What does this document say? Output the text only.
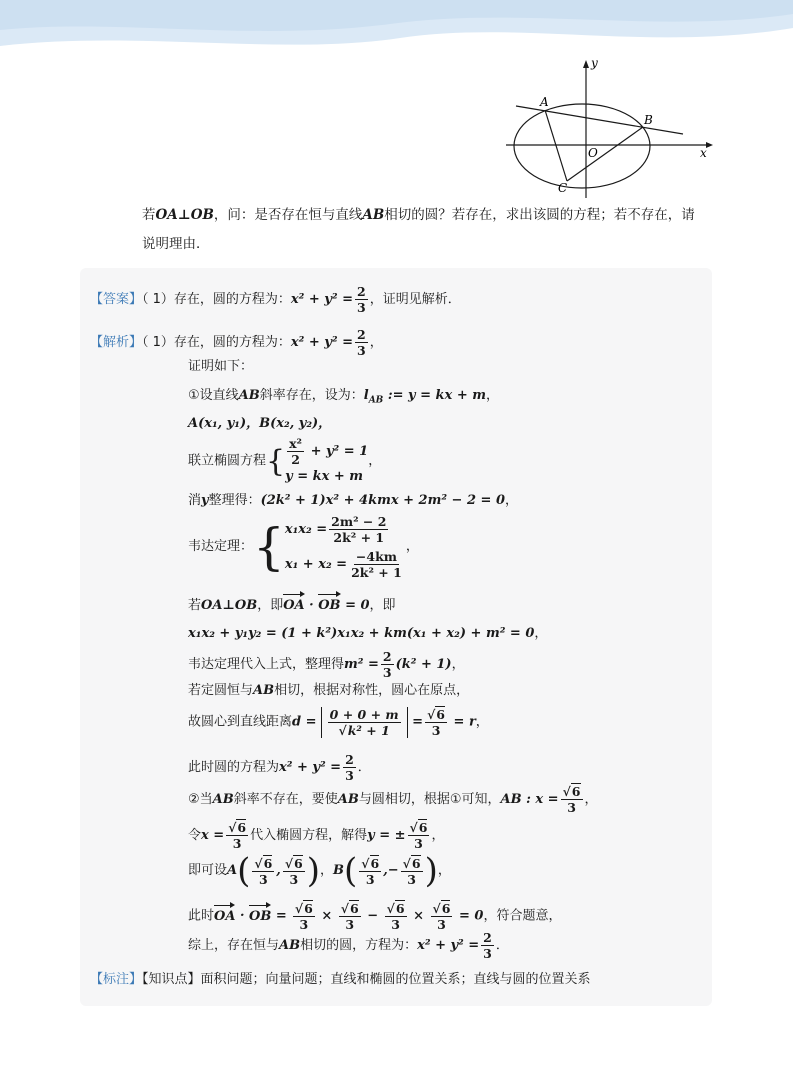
y
x
A
B
C
O
若OA⊥OB，问：是否存在恒与直线AB相切的圆？若存在，求出该圆的方程；若不存在，请
说明理由．
【答案】（ 1）存在，圆的方程为：$x^2 + y^2 = \frac{2}{3}$ ，证明见解析．
【解析】（ 1）存在，圆的方程为：$x^2 + y^2 = \frac{2}{3}$ ，
证明如下：
①设直线AB斜率存在，设为：$l_{AB}$ := y = kx + m，
A(x₁, y₁)，B(x₂, y₂)，
联立椭圆方程{ $\frac{\text{x²}}{2} + y^2 = 1$
y = kx + m
，
消y整理得：(2k² + 1)x² + 4kmx + 2m² − 2 = 0，
韦达定理：{ $x_1x_2 = \frac{\text{2m² − 2}}{\text{2k² + 1}}$
$x_1 + x_2 = \frac{-4km}{\text{2k² + 1}}$
，
若OA⊥OB，即OA · OB = 0，即
x₁x₂ + y₁y₂ = (1 + k²)x₁x₂ + km(x₁ + x₂) + m² = 0，
韦达定理代入上式，整理得$m^2 = \frac{2}{3} (k^2 + 1)$，
若定圆恒与AB相切，根据对称性，圆心在原点，
故圆心到直线距离$d = \frac{0 + 0 + m}{\text{√k² + 1}} = \frac{√6}{3} = r$，
此时圆的方程为$x^2 + y^2 = \frac{2}{3}$ ．
②当AB斜率不存在，要使AB与圆相切，根据①可知，AB : $x = \frac{√6}{3}$ ，
令$x = \frac{√6}{3}$ 代入椭圆方程，解得y = ± $\frac{√6}{3}$ ，
即可设$A( \frac{√6}{3}$ , $\frac{√6}{3}$ )，$B( \frac{√6}{3}$ ,− $\frac{√6}{3}$ )，
此时OA · OB = $\frac{√6}{3} \times \frac{√6}{3} - \frac{√6}{3} \times \frac{√6}{3} = 0$，符合题意，
综上，存在恒与AB相切的圆，方程为：$x^2 + y^2 = \frac{2}{3}$ ．
【标注】【知识点】面积问题；向量问题；直线和椭圆的位置关系；直线与圆的位置关系
